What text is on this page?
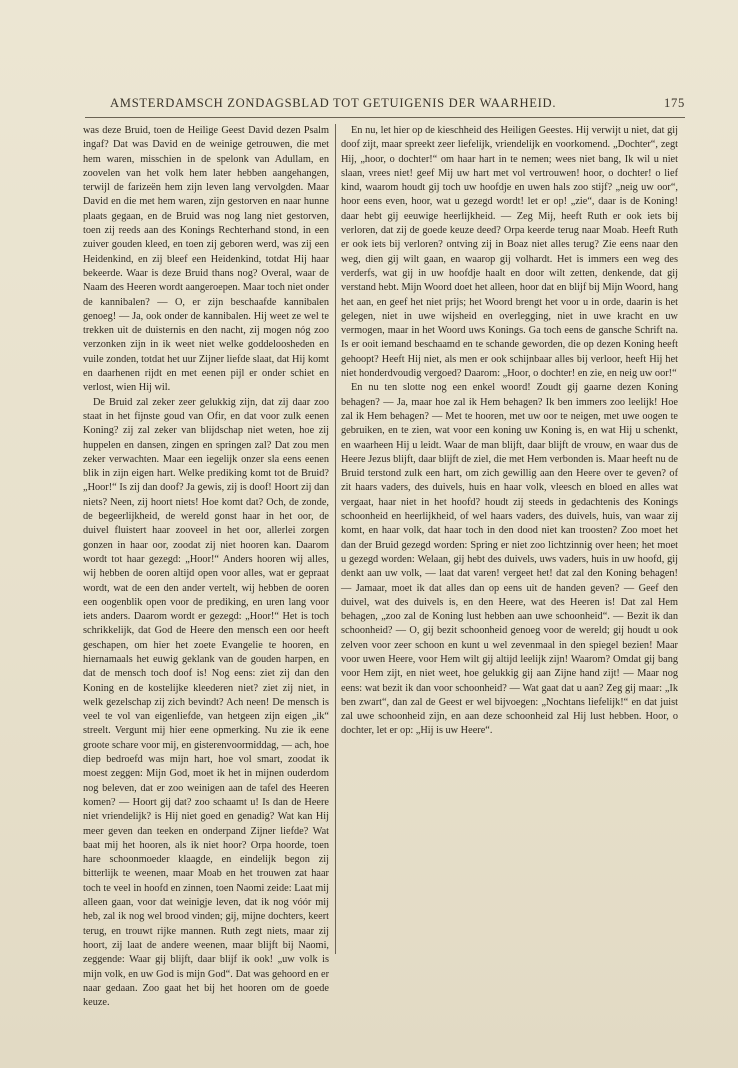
AMSTERDAMSCH ZONDAGSBLAD TOT GETUIGENIS DER WAARHEID.	175

was deze Bruid, toen de Heilige Geest David dezen Psalm ingaf? Dat was David en de weinige getrouwen, die met hem waren, misschien in de spelonk van Adullam, en zoovelen van het volk hem later hebben aangehangen, terwijl de farizeën hem zijn leven lang vervolgden. Maar David en die met hem waren, zijn gestorven en naar hunne plaats gegaan, en de Bruid was nog lang niet gestorven, toen zij reeds aan des Konings Rechterhand stond, in een zuiver gouden kleed, en toen zij geboren werd, was zij een Heidenkind, en zij bleef een Heidenkind, totdat Hij haar bekeerde. Waar is deze Bruid thans nog? Overal, waar de Naam des Heeren wordt aangeroepen. Maar toch niet onder de kannibalen? — O, er zijn beschaafde kannibalen genoeg! — Ja, ook onder de kannibalen. Hij weet ze wel te trekken uit de duisternis en den nacht, zij mogen nóg zoo verzonken zijn in ik weet niet welke goddeloosheden en vuile zonden, totdat het uur Zijner liefde slaat, dat Hij komt en daarhenen rijdt en met eenen pijl er onder schiet en verlost, wien Hij wil.

De Bruid zal zeker zeer gelukkig zijn, dat zij daar zoo staat in het fijnste goud van Ofir, en dat voor zulk eenen Koning? zij zal zeker van blijdschap niet weten, hoe zij huppelen en dansen, zingen en springen zal? Dat zou men zeker verwachten. Maar een iegelijk onzer sla eens eenen blik in zijn eigen hart. Welke prediking komt tot de Bruid? „Hoor!“ Is zij dan doof? Ja gewis, zij is doof! Hoort zij dan niets? Neen, zij hoort niets! Hoe komt dat? Och, de zonde, de begeerlijkheid, de wereld gonst haar in het oor, de duivel fluistert haar zooveel in het oor, allerlei zorgen gonzen in haar oor, zoodat zij niet hooren kan. Daarom wordt tot haar gezegd: „Hoor!“ Anders hooren wij alles, wij hebben de ooren altijd open voor alles, wat er gepraat wordt, wat de een den ander vertelt, wij hebben de ooren een oogenblik open voor de prediking, en uren lang voor iets anders. Daarom wordt er gezegd: „Hoor!“ Het is toch schrikkelijk, dat God de Heere den mensch een oor heeft geschapen, om hier het zoete Evangelie te hooren, en hiernamaals het euwig geklank van de gouden harpen, en dat de mensch toch doof is! Nog eens: ziet zij dan den Koning en de kostelijke kleederen niet? ziet zij niet, in welk gezelschap zij zich bevindt? Ach neen! De mensch is veel te vol van eigenliefde, van hetgeen zijn eigen „ik“ streelt. Vergunt mij hier eene opmerking. Nu zie ik eene groote schare voor mij, en gisterenvoormiddag, — ach, hoe diep bedroefd was mijn hart, hoe vol smart, zoodat ik moest zeggen: Mijn God, moet ik het in mijnen ouderdom nog beleven, dat er zoo weinigen aan de tafel des Heeren komen? — Hoort gij dat? zoo schaamt u! Is dan de Heere niet vriendelijk? is Hij niet goed en genadig? Wat kan Hij meer geven dan teeken en onderpand Zijner liefde? Wat baat mij het hooren, als ik niet hoor? Orpa hoorde, toen hare schoonmoeder klaagde, en eindelijk begon zij bitterlijk te weenen, maar Moab en het trouwen zat haar toch te veel in hoofd en zinnen, toen Naomi zeide: Laat mij alleen gaan, voor dat weinigje leven, dat ik nog vóór mij heb, zal ik nog wel brood vinden; gij, mijne dochters, keert terug, en trouwt rijke mannen. Ruth zegt niets, maar zij hoort, zij laat de andere weenen, maar blijft bij Naomi, zeggende: Waar gij blijft, daar blijf ik ook! „uw volk is mijn volk, en uw God is mijn God“. Dat was gehoord en er naar gedaan. Zoo gaat het bij het hooren om de goede keuze.

En nu, let hier op de kieschheid des Heiligen Geestes. Hij verwijt u niet, dat gij doof zijt, maar spreekt zeer liefelijk, vriendelijk en voorkomend. „Dochter“, zegt Hij, „hoor, o dochter!“ om haar hart in te nemen; wees niet bang, Ik wil u niet slaan, vrees niet! geef Mij uw hart met vol vertrouwen! hoor, o dochter! o lief kind, waarom houdt gij toch uw hoofdje en uwen hals zoo stijf? „neig uw oor“, hoor eens even, hoor, wat u gezegd wordt! let er op! „zie“, daar is de Koning! daar hebt gij eeuwige heerlijkheid. — Zeg Mij, heeft Ruth er ook iets bij verloren, dat zij de goede keuze deed? Orpa keerde terug naar Moab. Heeft Ruth er ook iets bij verloren? ontving zij in Boaz niet alles terug? Zie eens naar den weg, dien gij wilt gaan, en waarop gij volhardt. Het is immers een weg des verderfs, wat gij in uw hoofdje haalt en door wilt zetten, denkende, dat gij verstand hebt. Mijn Woord doet het alleen, hoor dat en blijf bij Mijn Woord, hang het aan, en geef het niet prijs; het Woord brengt het voor u in orde, daarin is het gelegen, niet in uwe wijsheid en overlegging, niet in uwe kracht en uw vermogen, maar in het Woord uws Konings. Ga toch eens de gansche Schrift na. Is er ooit iemand beschaamd en te schande geworden, die op dezen Koning heeft gehoopt? Heeft Hij niet, als men er ook schijnbaar alles bij verloor, heeft Hij het niet honderdvoudig vergoed? Daarom: „Hoor, o dochter! en zie, en neig uw oor!“

En nu ten slotte nog een enkel woord! Zoudt gij gaarne dezen Koning behagen? — Ja, maar hoe zal ik Hem behagen? Ik ben immers zoo leelijk! Hoe zal ik Hem behagen? — Met te hooren, met uw oor te neigen, met uwe oogen te gebruiken, en te zien, wat voor een koning uw Koning is, en wat Hij u schenkt, en waarheen Hij u leidt. Waar de man blijft, daar blijft de vrouw, en waar dus de Heere Jezus blijft, daar blijft de ziel, die met Hem verbonden is. Maar heeft nu de Bruid terstond zulk een hart, om zich gewillig aan den Heere over te geven? of zit haars vaders, des duivels, huis en haar volk, vleesch en bloed en alles wat vergaat, haar niet in het hoofd? houdt zij steeds in gedachtenis des Konings schoonheid en heerlijkheid, of wel haars vaders, des duivels, huis, van waar zij komt, en haar volk, dat haar toch in den dood niet kan troosten? Zoo moet het dan der Bruid gezegd worden: Spring er niet zoo lichtzinnig over heen; het moet u gezegd worden: Welaan, gij hebt des duivels, uws vaders, huis in uw hoofd, gij denkt aan uw volk, — laat dat varen! vergeet het! dat zal den Koning behagen! — Jamaar, moet ik dat alles dan op eens uit de handen geven? — Geef den duivel, wat des duivels is, en den Heere, wat des Heeren is! Dat zal Hem behagen, „zoo zal de Koning lust hebben aan uwe schoonheid“. — Bezit ik dan schoonheid? — O, gij bezit schoonheid genoeg voor de wereld; gij houdt u ook zelven voor zeer schoon en kunt u wel zevenmaal in den spiegel bezien! Maar voor uwen Heere, voor Hem wilt gij altijd leelijk zijn! Waarom? Omdat gij bang voor Hem zijt, en niet weet, hoe gelukkig gij aan Zijne hand zijt! — Maar nog eens: wat bezit ik dan voor schoonheid? — Wat gaat dat u aan? Zeg gij maar: „Ik ben zwart“, dan zal de Geest er wel bijvoegen: „Nochtans liefelijk!“ en dat juist zal uwe schoonheid zijn, en aan deze schoonheid zal Hij lust hebben. Hoor, o dochter, let er op: „Hij is uw Heere“.
